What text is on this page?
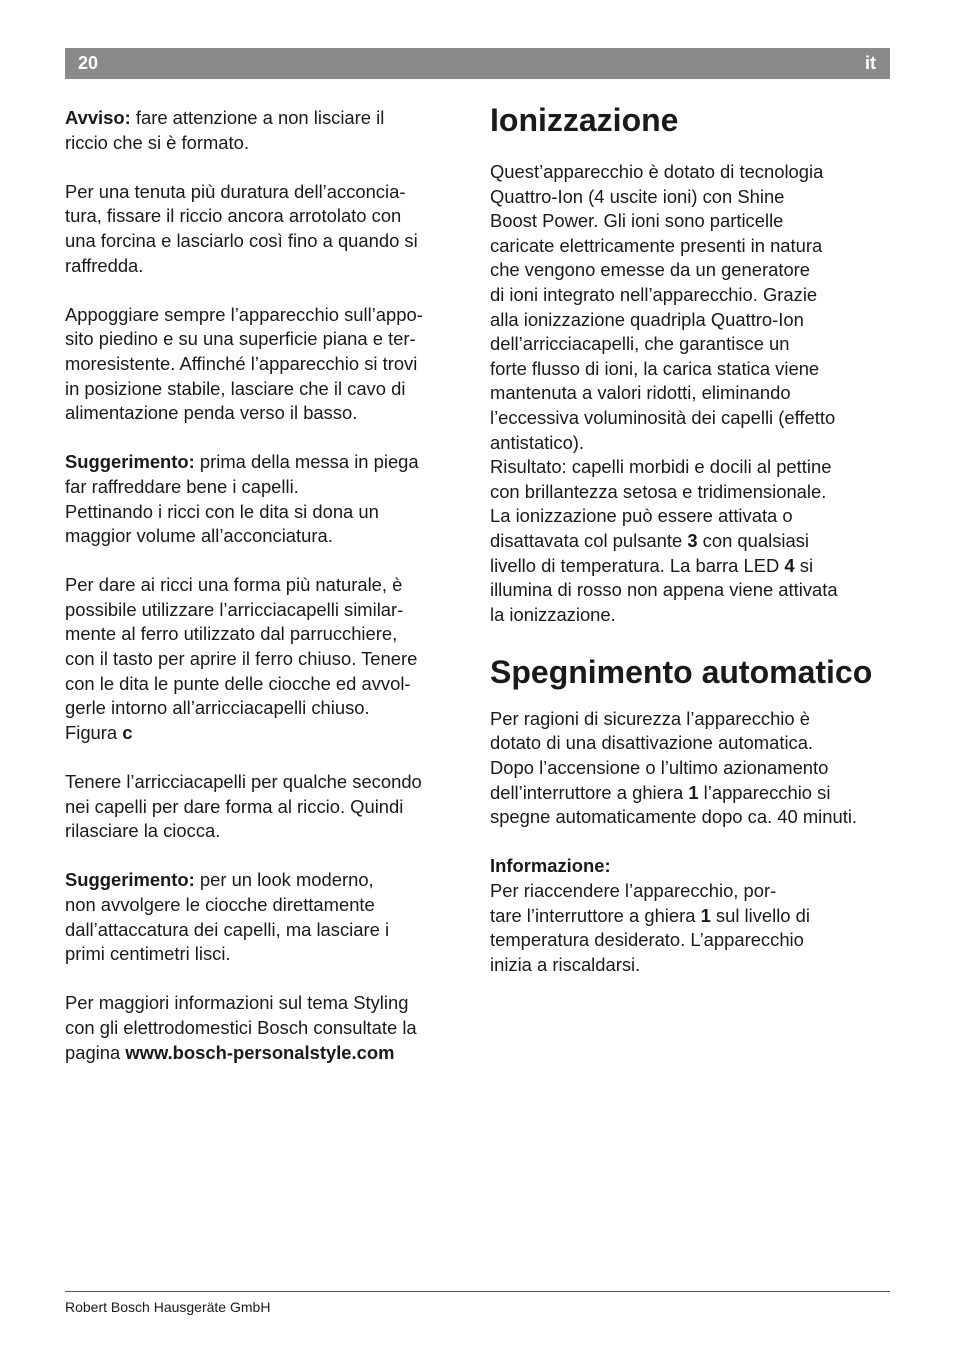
20	it

Avviso: fare attenzione a non lisciare il
riccio che si è formato.

Per una tenuta più duratura dell’acconcia-
tura, fissare il riccio ancora arrotolato con
una forcina e lasciarlo così fino a quando si
raffredda.

Appoggiare sempre l’apparecchio sull’appo-
sito piedino e su una superficie piana e ter-
moresistente. Affinché l’apparecchio si trovi
in posizione stabile, lasciare che il cavo di
alimentazione penda verso il basso.

Suggerimento: prima della messa in piega
far raffreddare bene i capelli.
Pettinando i ricci con le dita si dona un
maggior volume all’acconciatura.

Per dare ai ricci una forma più naturale, è
possibile utilizzare l’arricciacapelli similar-
mente al ferro utilizzato dal parrucchiere,
con il tasto per aprire il ferro chiuso. Tenere
con le dita le punte delle ciocche ed avvol-
gerle intorno all’arricciacapelli chiuso.
Figura c

Tenere l’arricciacapelli per qualche secondo
nei capelli per dare forma al riccio. Quindi
rilasciare la ciocca.

Suggerimento: per un look moderno,
non avvolgere le ciocche direttamente
dall’attaccatura dei capelli, ma lasciare i
primi centimetri lisci.

Per maggiori informazioni sul tema Styling
con gli elettrodomestici Bosch consultate la
pagina www.bosch-personalstyle.com

Ionizzazione

Quest’apparecchio è dotato di tecnologia
Quattro-Ion (4 uscite ioni) con Shine
Boost Power. Gli ioni sono particelle
caricate elettricamente presenti in natura
che vengono emesse da un generatore
di ioni integrato nell’apparecchio. Grazie
alla ionizzazione quadripla Quattro-Ion
dell’arricciacapelli, che garantisce un
forte flusso di ioni, la carica statica viene
mantenuta a valori ridotti, eliminando
l’eccessiva voluminosità dei capelli (effetto
antistatico).
Risultato: capelli morbidi e docili al pettine
con brillantezza setosa e tridimensionale.
La ionizzazione può essere attivata o
disattavata col pulsante 3 con qualsiasi
livello di temperatura. La barra LED 4 si
illumina di rosso non appena viene attivata
la ionizzazione.

Spegnimento automatico

Per ragioni di sicurezza l’apparecchio è
dotato di una disattivazione automatica.
Dopo l’accensione o l’ultimo azionamento
dell’interruttore a ghiera 1 l’apparecchio si
spegne automaticamente dopo ca. 40 minuti.

Informazione:
Per riaccendere l’apparecchio, por-
tare l’interruttore a ghiera 1 sul livello di
temperatura desiderato. L’apparecchio
inizia a riscaldarsi.

Robert Bosch Hausgeräte GmbH
